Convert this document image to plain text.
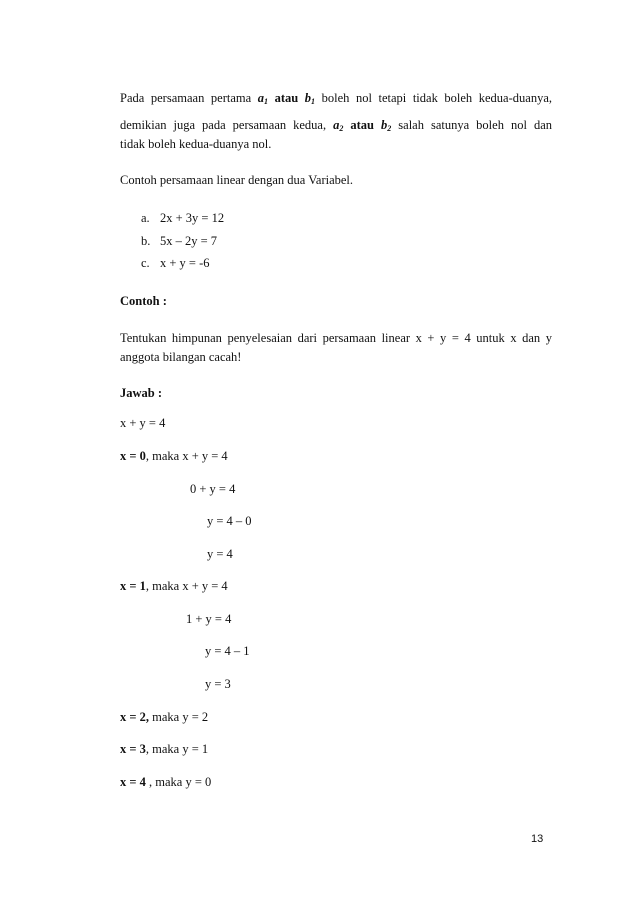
Pada persamaan pertama $a_1$ atau $b_1$ boleh nol tetapi tidak boleh kedua-duanya,
demikian juga pada persamaan kedua, $a_2$ atau $b_2$ salah satunya boleh nol dan
tidak boleh kedua-duanya nol.
Contoh persamaan linear dengan dua Variabel.
a. 2x + 3y = 12
b. 5x – 2y = 7
c. x + y = -6
Contoh :
Tentukan himpunan penyelesaian dari persamaan linear x + y = 4 untuk x dan y
anggota bilangan cacah!
Jawab :
x + y = 4
x = 0, maka x + y = 4
0 + y = 4
y = 4 – 0
y = 4
x = 1, maka x + y = 4
1 + y = 4
y = 4 – 1
y = 3
x = 2, maka y = 2
x = 3, maka y = 1
x = 4 , maka y = 0
13
